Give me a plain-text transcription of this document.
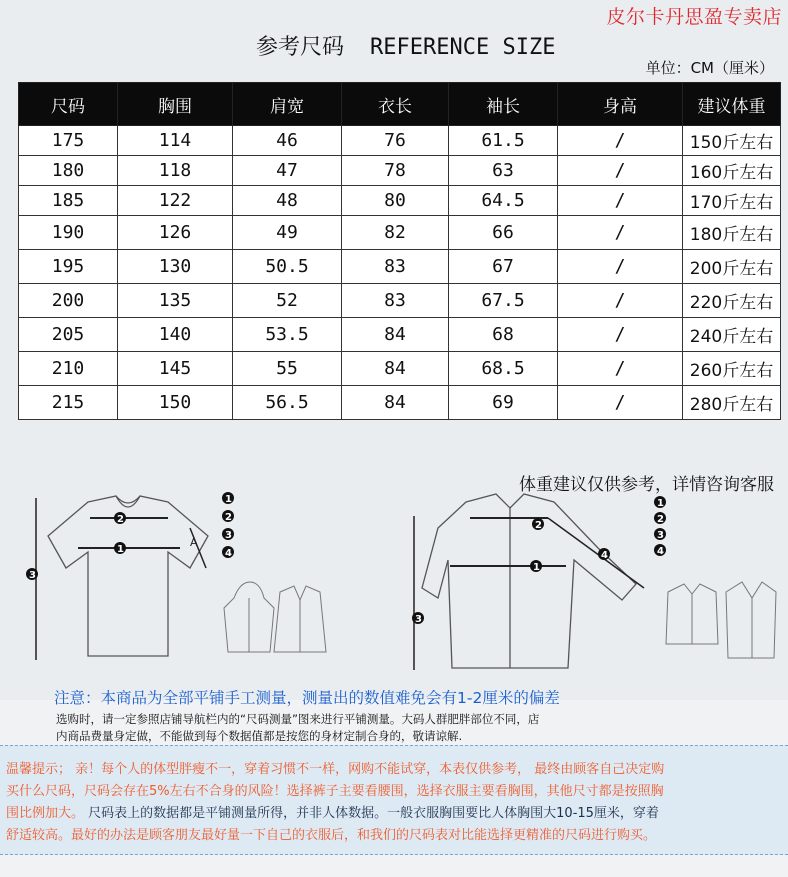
皮尔卡丹思盈专卖店
参考尺码 REFERENCE SIZE
单位：CM（厘米）
尺码	胸围	肩宽	衣长	袖长	身高	建议体重
175	114	46	76	61.5	/	150斤左右
180	118	47	78	63	/	160斤左右
185	122	48	80	64.5	/	170斤左右
190	126	49	82	66	/	180斤左右
195	130	50.5	83	67	/	200斤左右
200	135	52	83	67.5	/	220斤左右
205	140	53.5	84	68	/	240斤左右
210	145	55	84	68.5	/	260斤左右
215	150	56.5	84	69	/	280斤左右
体重建议仅供参考，详情咨询客服
1
2
3
A
1
2
3
4
1
2
3
4
1
2
3
4
注意：本商品为全部平铺手工测量，测量出的数值难免会有1-2厘米的偏差
选购时，请一定参照店铺导航栏内的“尺码测量”图来进行平铺测量。大码人群肥胖部位不同，店
内商品费量身定做，不能做到每个数据值都是按您的身材定制合身的，敬请谅解.
温馨提示； 亲！每个人的体型胖瘦不一，穿着习惯不一样，网购不能试穿，本表仅供参考， 最终由顾客自己决定购
买什么尺码，尺码会存在5%左右不合身的风险！选择裤子主要看腰围，选择衣服主要看胸围，其他尺寸都是按照胸
围比例加大。 尺码表上的数据都是平铺测量所得，并非人体数据。一般衣服胸围要比人体胸围大10-15厘米，穿着
舒适较高。最好的办法是顾客朋友最好量一下自己的衣服后，和我们的尺码表对比能选择更精准的尺码进行购买。
